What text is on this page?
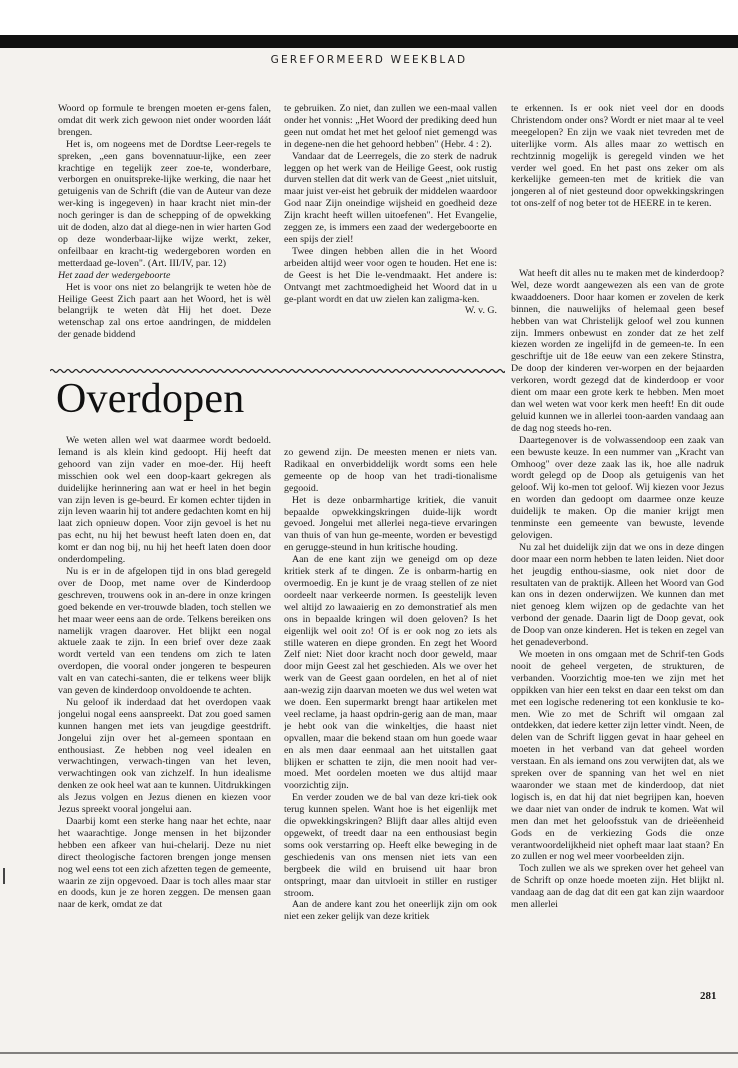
GEREFORMEERD WEEKBLAD

Woord op formule te brengen moeten er-gens falen, omdat dit werk zich gewoon niet onder woorden láát brengen.

Het is, om nogeens met de Dordtse Leer-regels te spreken, „een gans bovennatuur-lijke, een zeer krachtige en tegelijk zeer zoe-te, wonderbare, verborgen en onuitspreke-lijke werking, die naar het getuigenis van de Schrift (die van de Auteur van deze wer-king is ingegeven) in haar kracht niet min-der noch geringer is dan de schepping of de opwekking uit de doden, alzo dat al diege-nen in wier harten God op deze wonderbaar-lijke wijze werkt, zeker, onfeilbaar en kracht-tig wedergeboren worden en metterdaad ge-loven". (Art. III/IV, par. 12)

Het zaad der wedergeboorte

Het is voor ons niet zo belangrijk te weten hòe de Heilige Geest Zich paart aan het Woord, het is wèl belangrijk te weten dàt Hij het doet. Deze wetenschap zal ons ertoe aandringen, de middelen der genade biddend

te gebruiken. Zo niet, dan zullen we een-maal vallen onder het vonnis: „Het Woord der prediking deed hun geen nut omdat het met het geloof niet gemengd was in degene-nen die het gehoord hebben" (Hebr. 4 : 2).

Vandaar dat de Leerregels, die zo sterk de nadruk leggen op het werk van de Heilige Geest, ook rustig durven stellen dat dit werk van de Geest „niet uitsluit, maar juist ver-eist het gebruik der middelen waardoor God naar Zijn oneindige wijsheid en goedheid deze Zijn kracht heeft willen uitoefenen". Het Evangelie, zeggen ze, is immers een zaad der wedergeboorte en een spijs der ziel!

Twee dingen hebben allen die in het Woord arbeiden altijd weer voor ogen te houden. Het ene is: de Geest is het Die le-vendmaakt. Het andere is: Ontvangt met zachtmoedigheid het Woord dat in u ge-plant wordt en dat uw zielen kan zaligma-ken.

W. v. G.

te erkennen. Is er ook niet veel dor en doods Christendom onder ons? Wordt er niet maar al te veel meegelopen? En zijn we vaak niet tevreden met de uiterlijke vorm. Als alles maar zo wettisch en rechtzinnig mogelijk is geregeld vinden we het verder wel goed. En het past ons zeker om als kerkelijke gemeen-ten met de kritiek die van jongeren al of niet gesteund door opwekkingskringen tot ons-zelf of nog beter tot de HEERE in te keren.

Overdopen

We weten allen wel wat daarmee wordt bedoeld. Iemand is als klein kind gedoopt. Hij heeft dat gehoord van zijn vader en moe-der. Hij heeft misschien ook wel een doop-kaart gekregen als duidelijke herinnering aan wat er heel in het begin van zijn leven is ge-beurd. Er komen echter tijden in zijn leven waarin hij tot andere gedachten komt en hij laat zich opnieuw dopen. Voor zijn gevoel is het nu pas echt, nu hij het bewust heeft laten doen en, dat komt er dan nog bij, nu hij het heeft laten doen door onderdompeling.

Nu is er in de afgelopen tijd in ons blad geregeld over de Doop, met name over de Kinderdoop geschreven, trouwens ook in an-dere in onze kringen goed bekende en ver-trouwde bladen, toch stellen we het maar weer eens aan de orde. Telkens bereiken ons namelijk vragen daarover. Het blijkt een nogal aktuele zaak te zijn. In een brief over deze zaak wordt verteld van een tendens om zich te laten overdopen, die vooral onder jongeren te bespeuren valt en van catechi-santen, die er telkens weer blijk van geven de kinderdoop onvoldoende te achten.

Nu geloof ik inderdaad dat het overdopen vaak jongelui nogal eens aanspreekt. Dat zou goed samen kunnen hangen met iets van jeugdige geestdrift. Jongelui zijn over het al-gemeen spontaan en enthousiast. Ze hebben nog veel idealen en verwachtingen, verwach-tingen van het leven, verwachtingen ook van zichzelf. In hun idealisme denken ze ook heel wat aan te kunnen. Uitdrukkingen als Jezus volgen en Jezus dienen en kiezen voor Jezus spreekt vooral jongelui aan.

Daarbij komt een sterke hang naar het echte, naar het waarachtige. Jonge mensen in het bijzonder hebben een afkeer van hui-chelarij. Deze nu niet direct theologische factoren brengen jonge mensen nog wel eens tot een zich afzetten tegen de gemeente, waarin ze zijn opgevoed. Daar is toch alles maar star en doods, kun je ze horen zeggen. De mensen gaan naar de kerk, omdat ze dat

zo gewend zijn. De meesten menen er niets van. Radikaal en onverbiddelijk wordt soms een hele gemeente op de hoop van het tradi-tionalisme gegooid.

Het is deze onbarmhartige kritiek, die vanuit bepaalde opwekkingskringen duide-lijk wordt gevoed. Jongelui met allerlei nega-tieve ervaringen van thuis of van hun ge-meente, worden er bevestigd en gerugge-steund in hun kritische houding.

Aan de ene kant zijn we geneigd om op deze kritiek sterk af te dingen. Ze is onbarm-hartig en overmoedig. En je kunt je de vraag stellen of ze niet oordeelt naar verkeerde normen. Is geestelijk leven wel altijd zo lawaaierig en zo demonstratief als men ons in bepaalde kringen wil doen geloven? Is het eigenlijk wel ooit zo! Of is er ook nog zo iets als stille wateren en diepe gronden. En zegt het Woord Zelf niet: Niet door kracht noch door geweld, maar door mijn Geest zal het geschieden. Als we over het werk van de Geest gaan oordelen, en het al of niet aan-wezig zijn daarvan moeten we dus wel weten wat we doen. Een supermarkt brengt haar artikelen met veel reclame, ja haast opdrin-gerig aan de man, maar je hebt ook van die winkeltjes, die haast niet opvallen, maar die bekend staan om hun goede waar en als men daar eenmaal aan het uitstallen gaat blijken er schatten te zijn, die men nooit had ver-moed. Met oordelen moeten we dus altijd maar voorzichtig zijn.

En verder zouden we de bal van deze kri-tiek ook terug kunnen spelen. Want hoe is het eigenlijk met die opwekkingskringen? Blijft daar alles altijd even opgewekt, of treedt daar na een enthousiast begin soms ook verstarring op. Heeft elke beweging in de geschiedenis van ons mensen niet iets van een bergbeek die wild en bruisend uit haar bron ontspringt, maar dan uitvloeit in stiller en rustiger stroom.

Aan de andere kant zou het oneerlijk zijn om ook niet een zeker gelijk van deze kritiek

Wat heeft dit alles nu te maken met de kinderdoop? Wel, deze wordt aangewezen als een van de grote kwaaddoeners. Door haar komen er zovelen de kerk binnen, die nauwelijks of helemaal geen besef hebben van wat Christelijk geloof wel zou kunnen zijn. Immers onbewust en zonder dat ze het zelf kiezen worden ze ingelijfd in de gemeen-te. In een geschriftje uit de 18e eeuw van een zekere Stinstra, De doop der kinderen ver-worpen en der bejaarden verkoren, wordt gezegd dat de kinderdoop er voor dient om maar een grote kerk te hebben. Men moet dan wel weten wat voor kerk men heeft! En dit oude geluid kunnen we in allerlei toon-aarden vandaag aan de dag nog steeds ho-ren.

Daartegenover is de volwassendoop een zaak van een bewuste keuze. In een nummer van „Kracht van Omhoog" over deze zaak las ik, hoe alle nadruk wordt gelegd op de Doop als getuigenis van het geloof. Wij ko-men tot geloof. Wij kiezen voor Jezus en worden dan gedoopt om daarmee onze keuze duidelijk te maken. Op die manier krijgt men tenminste een gemeente van bewuste, levende gelovigen.

Nu zal het duidelijk zijn dat we ons in deze dingen door maar een norm hebben te laten leiden. Niet door het jeugdig enthou-siasme, ook niet door de resultaten van de praktijk. Alleen het Woord van God kan ons in dezen onderwijzen. We kunnen dan met niet genoeg klem wijzen op de gedachte van het verbond der genade. Daarin ligt de Doop gevat, ook de Doop van onze kinderen. Het is teken en zegel van het genadeverbond.

We moeten in ons omgaan met de Schrif-ten Gods nooit de geheel vergeten, de strukturen, de verbanden. Voorzichtig moe-ten we zijn met het oppikken van hier een tekst en daar een tekst om dan met een logische redenering tot een konklusie te ko-men. Wie zo met de Schrift wil omgaan zal ontdekken, dat iedere ketter zijn letter vindt. Neen, de delen van de Schrift liggen gevat in haar geheel en moeten in het verband van dat geheel worden verstaan. En als iemand ons zou verwijten dat, als we spreken over de spanning van het wel en niet waaronder we staan met de kinderdoop, dat niet logisch is, en dat hij dat niet begrijpen kan, hoeven we daar niet van onder de indruk te komen. Wat wil men dan met het geloofsstuk van de drieëenheid Gods en de verkiezing Gods die onze verantwoordelijkheid niet opheft maar laat staan? En zo zullen er nog wel meer voorbeelden zijn.

Toch zullen we als we spreken over het geheel van de Schrift op onze hoede moeten zijn. Het blijkt nl. vandaag aan de dag dat dit een gat kan zijn waardoor men allerlei

281
